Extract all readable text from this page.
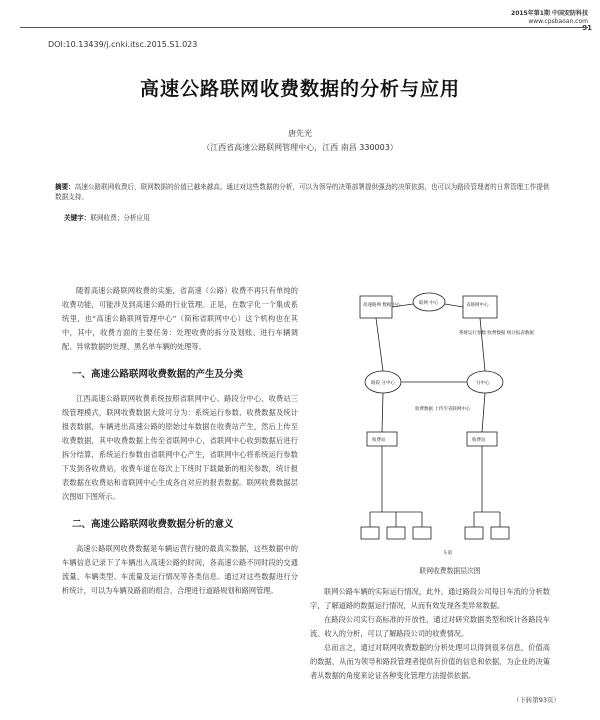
2015年第1期 中国安防科技
www.cpsbaoan.com
91
DOI:10.13439/j.cnki.itsc.2015.S1.023
高速公路联网收费数据的分析与应用
唐先光
（江西省高速公路联网管理中心，江西 南昌 330003）
摘要：高速公路联网收费后，联网数据的价值已越来越高。通过对这些数据的分析，可以为领导的决策部署提供强劲的决策依据，也可以为路段管理者的日常管理工作提供数据支持。
关键字：联网收费；分析应用

随着高速公路联网收费的实施，省高速（公路）收费不再只有单纯的收费功能，可能涉及到高速公路的行业管理。正是，在数字化一个集成系统里，也“高速公路联网管理中心”（简称省联网中心）这个机构也在其中，其中，收费方面的主要任务：处理收费的拆分及划账、进行车辆调配、异常数据的处理、黑名单车辆的处理等。

一、高速公路联网收费数据的产生及分类

江西高速公路联网收费系统按照省联网中心、路段分中心、收费站三级管理模式，联网收费数据大致可分为：系统运行参数、收费数据及统计报表数据，车辆进出高速公路的原始过车数据在收费站产生，然后上传至收费数据，其中收费数据上传至省联网中心，省联网中心收到数据后进行拆分结算，系统运行参数由省联网中心产生，省联网中心将系统运行参数下发到各收费站，收费车道在每次上下班时下载最新的相关参数，统计报表数据在收费站和省联网中心生成各自对应的报表数据。联网收费数据层次图如下图所示。

二、高速公路联网收费数据分析的意义

高速公路联网收费数据是车辆运营行驶的最真实数据，这些数据中的车辆信息记录下了车辆出入高速公路的时间，各高速公路不同时段的交通流量、车辆类型、车流量及运行情况等各类信息。通过对这些数据进行分析统计，可以为车辆及路面的组合，合理进行道路规划和路网管理。

高速路网 数据中心	联网 中心	省联网中心
系统运行参数 收费数据 统计报表数据
路段 分中心	分中心
收费数据 上传至省联网中心
收费站	收费站
车道
联网收费数据层次图

联网公路车辆的实际运行情况，此外，通过路段公司每日车流的分析数字，了解道路的数据运行情况，从而有效发现各类异常数据。

在路段公司实行高标准的开放性，通过对研究数据类型和统计各路段车流、收入的分析，可以了解路段公司的收费情况。

总而言之，通过对联网收费数据的分析处理可以得到很多信息，价值高的数据，从而为领导和路段管理者提供有价值的信息和依据，为企业的决策者从数据的角度来论证各种变化管理方法提供依据。

（下转第93页）
